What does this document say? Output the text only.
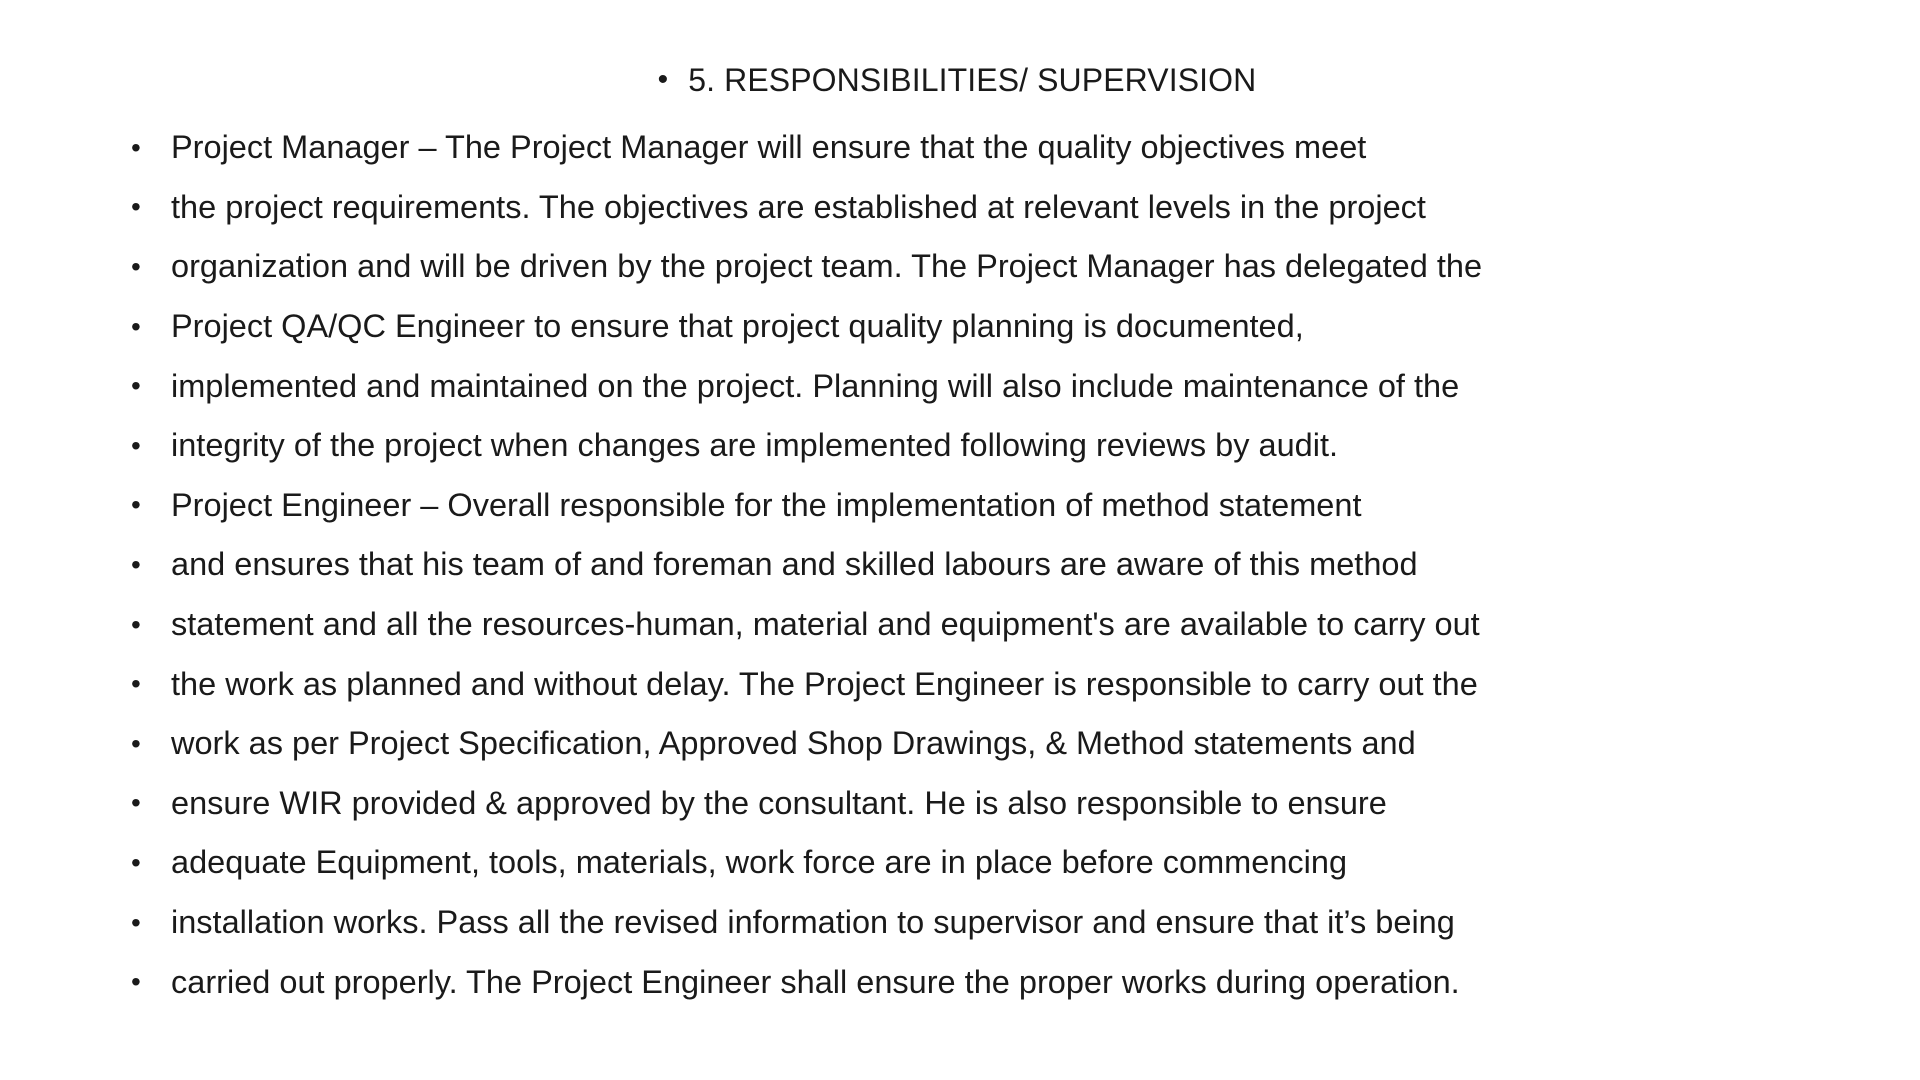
• 5. RESPONSIBILITIES/ SUPERVISION
• Project Manager – The Project Manager will ensure that the quality objectives meet
• the project requirements. The objectives are established at relevant levels in the project
• organization and will be driven by the project team. The Project Manager has delegated the
• Project QA/QC Engineer to ensure that project quality planning is documented,
• implemented and maintained on the project. Planning will also include maintenance of the
• integrity of the project when changes are implemented following reviews by audit.
• Project Engineer – Overall responsible for the implementation of method statement
• and ensures that his team of and foreman and skilled labours are aware of this method
• statement and all the resources-human, material and equipment's are available to carry out
• the work as planned and without delay. The Project Engineer is responsible to carry out the
• work as per Project Specification, Approved Shop Drawings, & Method statements and
• ensure WIR provided & approved by the consultant. He is also responsible to ensure
• adequate Equipment, tools, materials, work force are in place before commencing
• installation works. Pass all the revised information to supervisor and ensure that it’s being
• carried out properly. The Project Engineer shall ensure the proper works during operation.
